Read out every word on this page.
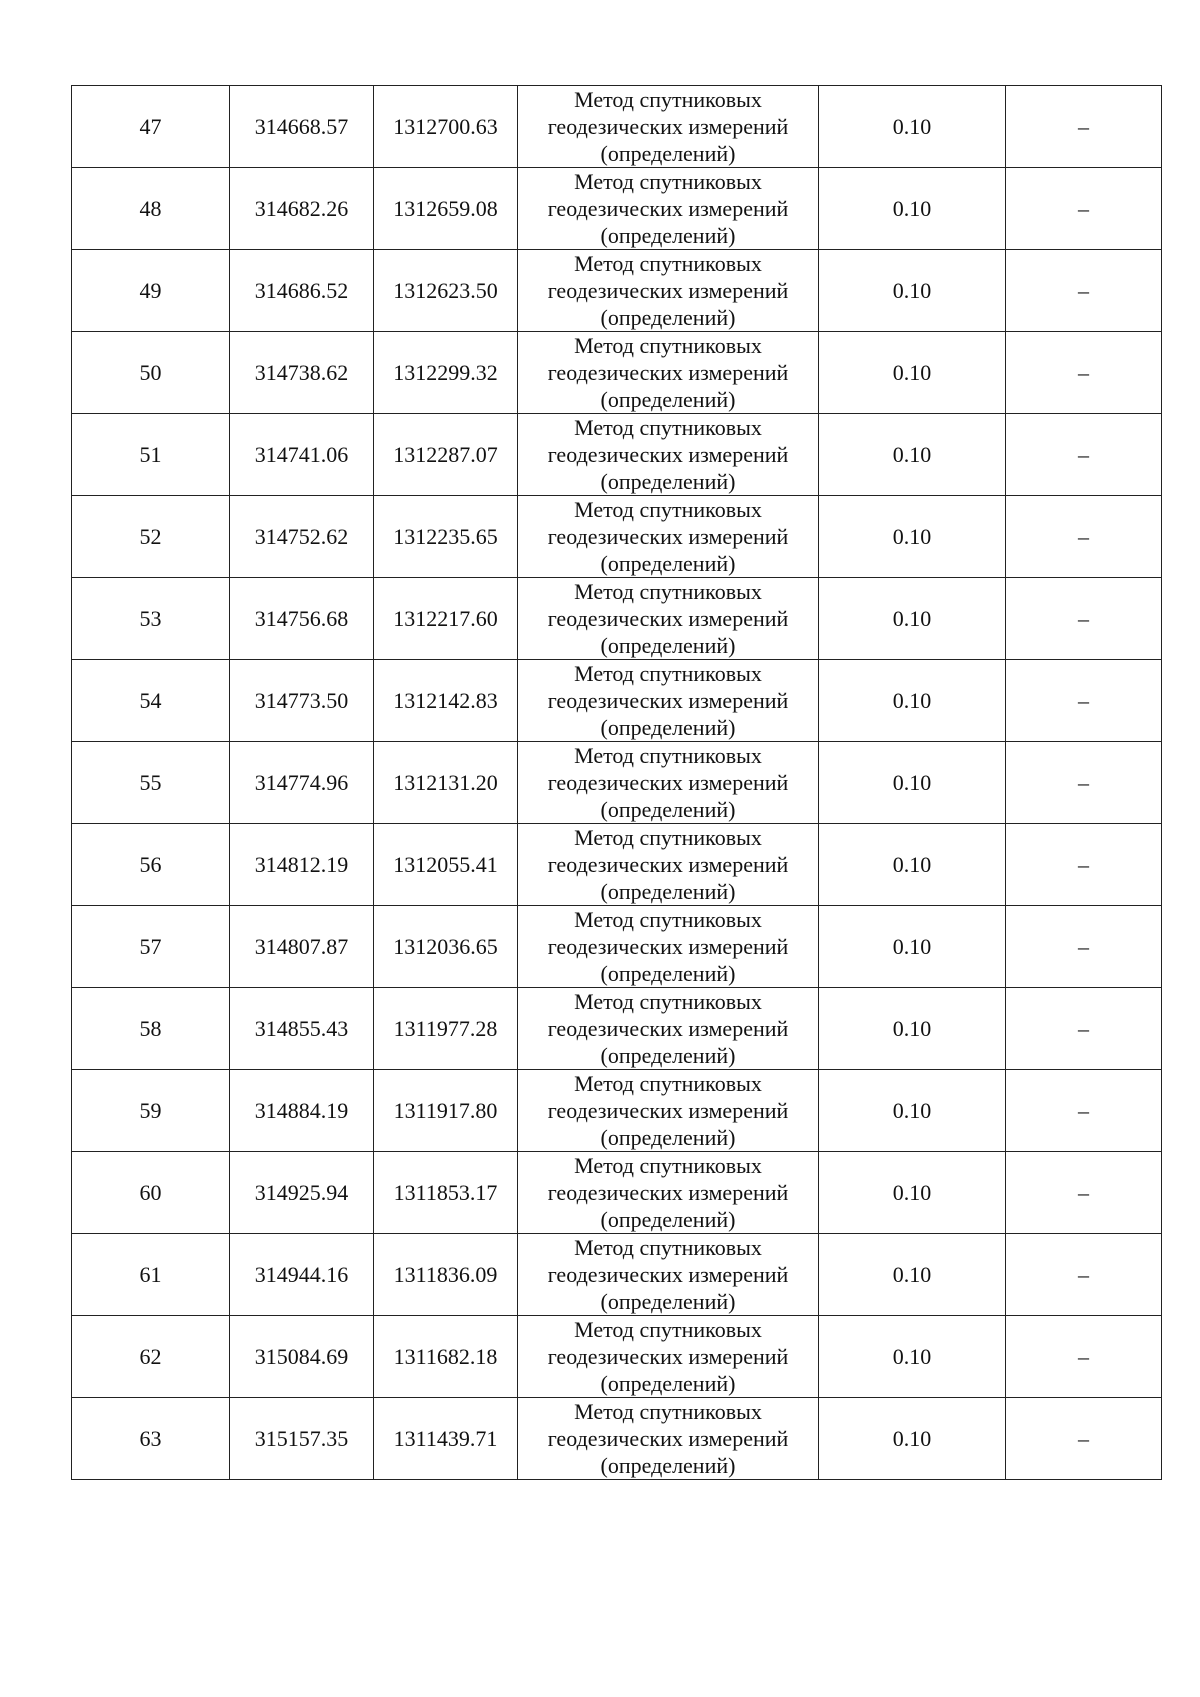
47	314668.57	1312700.63	Метод спутниковых
геодезических измерений
(определений)	0.10	–
48	314682.26	1312659.08	Метод спутниковых
геодезических измерений
(определений)	0.10	–
49	314686.52	1312623.50	Метод спутниковых
геодезических измерений
(определений)	0.10	–
50	314738.62	1312299.32	Метод спутниковых
геодезических измерений
(определений)	0.10	–
51	314741.06	1312287.07	Метод спутниковых
геодезических измерений
(определений)	0.10	–
52	314752.62	1312235.65	Метод спутниковых
геодезических измерений
(определений)	0.10	–
53	314756.68	1312217.60	Метод спутниковых
геодезических измерений
(определений)	0.10	–
54	314773.50	1312142.83	Метод спутниковых
геодезических измерений
(определений)	0.10	–
55	314774.96	1312131.20	Метод спутниковых
геодезических измерений
(определений)	0.10	–
56	314812.19	1312055.41	Метод спутниковых
геодезических измерений
(определений)	0.10	–
57	314807.87	1312036.65	Метод спутниковых
геодезических измерений
(определений)	0.10	–
58	314855.43	1311977.28	Метод спутниковых
геодезических измерений
(определений)	0.10	–
59	314884.19	1311917.80	Метод спутниковых
геодезических измерений
(определений)	0.10	–
60	314925.94	1311853.17	Метод спутниковых
геодезических измерений
(определений)	0.10	–
61	314944.16	1311836.09	Метод спутниковых
геодезических измерений
(определений)	0.10	–
62	315084.69	1311682.18	Метод спутниковых
геодезических измерений
(определений)	0.10	–
63	315157.35	1311439.71	Метод спутниковых
геодезических измерений
(определений)	0.10	–
